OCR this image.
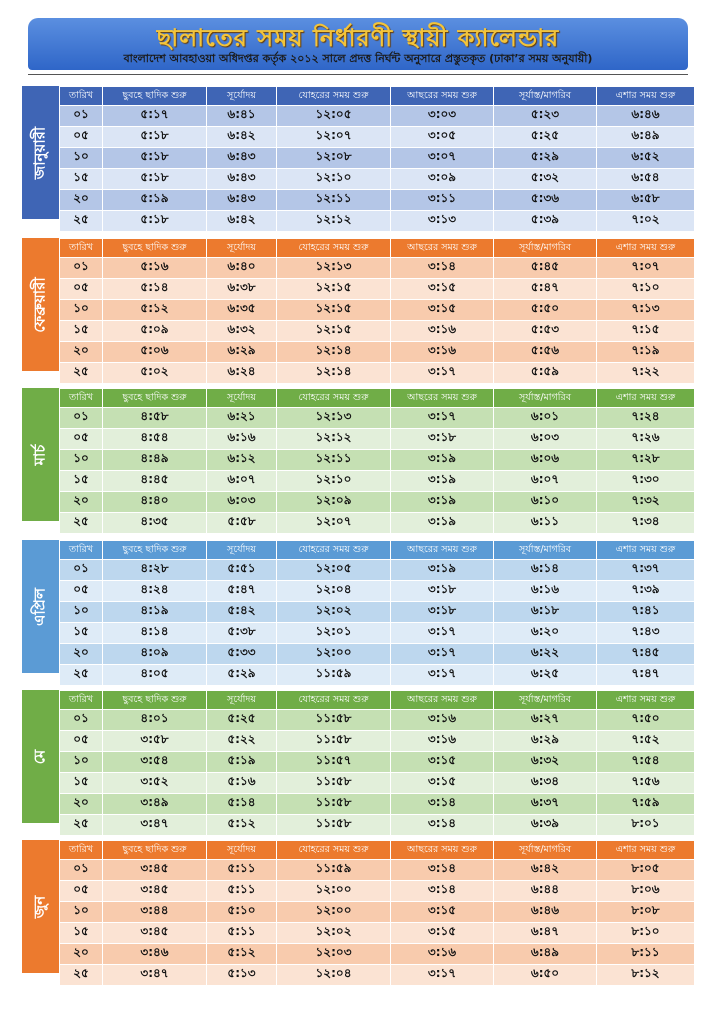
ছালাতের সময় নির্ধারণী স্থায়ী ক্যালেন্ডার
বাংলাদেশ আবহাওয়া অধিদপ্তর কর্তৃক ২০১২ সালে প্রদত্ত নির্ঘন্ট অনুসারে প্রস্তুতকৃত (ঢাকা’র সময় অনুযায়ী)
জানুয়ারী
তারিখ	ছুবহে ছাদিক শুরু	সূর্যোদয়	যোহরের সময় শুরু	আছরের সময় শুরু	সূর্যাস্ত/মাগরিব	এশার সময় শুরু
০১	৫:১৭	৬:৪১	১২:০৫	৩:০৩	৫:২৩	৬:৪৬
০৫	৫:১৮	৬:৪২	১২:০৭	৩:০৫	৫:২৫	৬:৪৯
১০	৫:১৮	৬:৪৩	১২:০৮	৩:০৭	৫:২৯	৬:৫২
১৫	৫:১৮	৬:৪৩	১২:১০	৩:০৯	৫:৩২	৬:৫৪
২০	৫:১৯	৬:৪৩	১২:১১	৩:১১	৫:৩৬	৬:৫৮
২৫	৫:১৮	৬:৪২	১২:১২	৩:১৩	৫:৩৯	৭:০২
ফেব্রুয়ারী
তারিখ	ছুবহে ছাদিক শুরু	সূর্যোদয়	যোহরের সময় শুরু	আছরের সময় শুরু	সূর্যাস্ত/মাগরিব	এশার সময় শুরু
০১	৫:১৬	৬:৪০	১২:১৩	৩:১৪	৫:৪৫	৭:০৭
০৫	৫:১৪	৬:৩৮	১২:১৫	৩:১৫	৫:৪৭	৭:১০
১০	৫:১২	৬:৩৫	১২:১৫	৩:১৫	৫:৫০	৭:১৩
১৫	৫:০৯	৬:৩২	১২:১৫	৩:১৬	৫:৫৩	৭:১৫
২০	৫:০৬	৬:২৯	১২:১৪	৩:১৬	৫:৫৬	৭:১৯
২৫	৫:০২	৬:২৪	১২:১৪	৩:১৭	৫:৫৯	৭:২২
মার্চ
তারিখ	ছুবহে ছাদিক শুরু	সূর্যোদয়	যোহরের সময় শুরু	আছরের সময় শুরু	সূর্যাস্ত/মাগরিব	এশার সময় শুরু
০১	৪:৫৮	৬:২১	১২:১৩	৩:১৭	৬:০১	৭:২৪
০৫	৪:৫৪	৬:১৬	১২:১২	৩:১৮	৬:০৩	৭:২৬
১০	৪:৪৯	৬:১২	১২:১১	৩:১৯	৬:০৬	৭:২৮
১৫	৪:৪৫	৬:০৭	১২:১০	৩:১৯	৬:০৭	৭:৩০
২০	৪:৪০	৬:০৩	১২:০৯	৩:১৯	৬:১০	৭:৩২
২৫	৪:৩৫	৫:৫৮	১২:০৭	৩:১৯	৬:১১	৭:৩৪
এপ্রিল
তারিখ	ছুবহে ছাদিক শুরু	সূর্যোদয়	যোহরের সময় শুরু	আছরের সময় শুরু	সূর্যাস্ত/মাগরিব	এশার সময় শুরু
০১	৪:২৮	৫:৫১	১২:০৫	৩:১৯	৬:১৪	৭:৩৭
০৫	৪:২৪	৫:৪৭	১২:০৪	৩:১৮	৬:১৬	৭:৩৯
১০	৪:১৯	৫:৪২	১২:০২	৩:১৮	৬:১৮	৭:৪১
১৫	৪:১৪	৫:৩৮	১২:০১	৩:১৭	৬:২০	৭:৪৩
২০	৪:০৯	৫:৩৩	১২:০০	৩:১৭	৬:২২	৭:৪৫
২৫	৪:০৫	৫:২৯	১১:৫৯	৩:১৭	৬:২৫	৭:৪৭
মে
তারিখ	ছুবহে ছাদিক শুরু	সূর্যোদয়	যোহরের সময় শুরু	আছরের সময় শুরু	সূর্যাস্ত/মাগরিব	এশার সময় শুরু
০১	৪:০১	৫:২৫	১১:৫৮	৩:১৬	৬:২৭	৭:৫০
০৫	৩:৫৮	৫:২২	১১:৫৮	৩:১৬	৬:২৯	৭:৫২
১০	৩:৫৪	৫:১৯	১১:৫৭	৩:১৫	৬:৩২	৭:৫৪
১৫	৩:৫২	৫:১৬	১১:৫৮	৩:১৫	৬:৩৪	৭:৫৬
২০	৩:৪৯	৫:১৪	১১:৫৮	৩:১৪	৬:৩৭	৭:৫৯
২৫	৩:৪৭	৫:১২	১১:৫৮	৩:১৪	৬:৩৯	৮:০১
জুন
তারিখ	ছুবহে ছাদিক শুরু	সূর্যোদয়	যোহরের সময় শুরু	আছরের সময় শুরু	সূর্যাস্ত/মাগরিব	এশার সময় শুরু
০১	৩:৪৫	৫:১১	১১:৫৯	৩:১৪	৬:৪২	৮:০৫
০৫	৩:৪৫	৫:১১	১২:০০	৩:১৪	৬:৪৪	৮:০৬
১০	৩:৪৪	৫:১০	১২:০০	৩:১৫	৬:৪৬	৮:০৮
১৫	৩:৪৫	৫:১১	১২:০২	৩:১৫	৬:৪৭	৮:১০
২০	৩:৪৬	৫:১২	১২:০৩	৩:১৬	৬:৪৯	৮:১১
২৫	৩:৪৭	৫:১৩	১২:০৪	৩:১৭	৬:৫০	৮:১২
